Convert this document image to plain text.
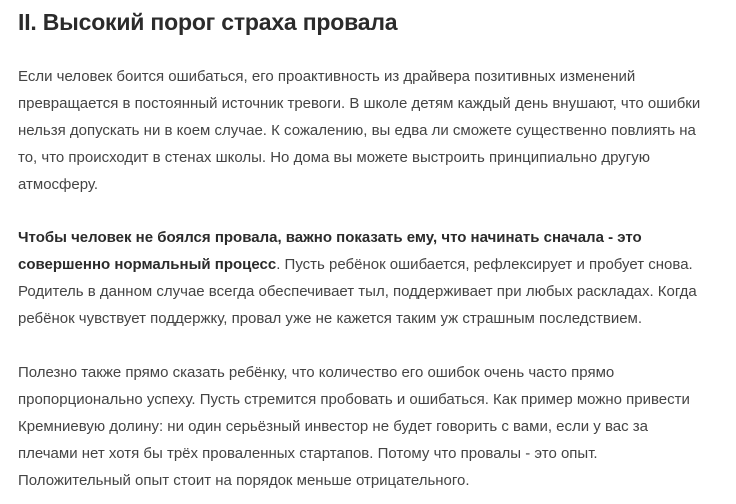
II. Высокий порог страха провала

Если человек боится ошибаться, его проактивность из драйвера позитивных изменений
превращается в постоянный источник тревоги. В школе детям каждый день внушают, что ошибки
нельзя допускать ни в коем случае. К сожалению, вы едва ли сможете существенно повлиять на
то, что происходит в стенах школы. Но дома вы можете выстроить принципиально другую
атмосферу.

Чтобы человек не боялся провала, важно показать ему, что начинать сначала - это
совершенно нормальный процесс. Пусть ребёнок ошибается, рефлексирует и пробует снова.
Родитель в данном случае всегда обеспечивает тыл, поддерживает при любых раскладах. Когда
ребёнок чувствует поддержку, провал уже не кажется таким уж страшным последствием.

Полезно также прямо сказать ребёнку, что количество его ошибок очень часто прямо
пропорционально успеху. Пусть стремится пробовать и ошибаться. Как пример можно привести
Кремниевую долину: ни один серьёзный инвестор не будет говорить с вами, если у вас за
плечами нет хотя бы трёх проваленных стартапов. Потому что провалы - это опыт.
Положительный опыт стоит на порядок меньше отрицательного.
